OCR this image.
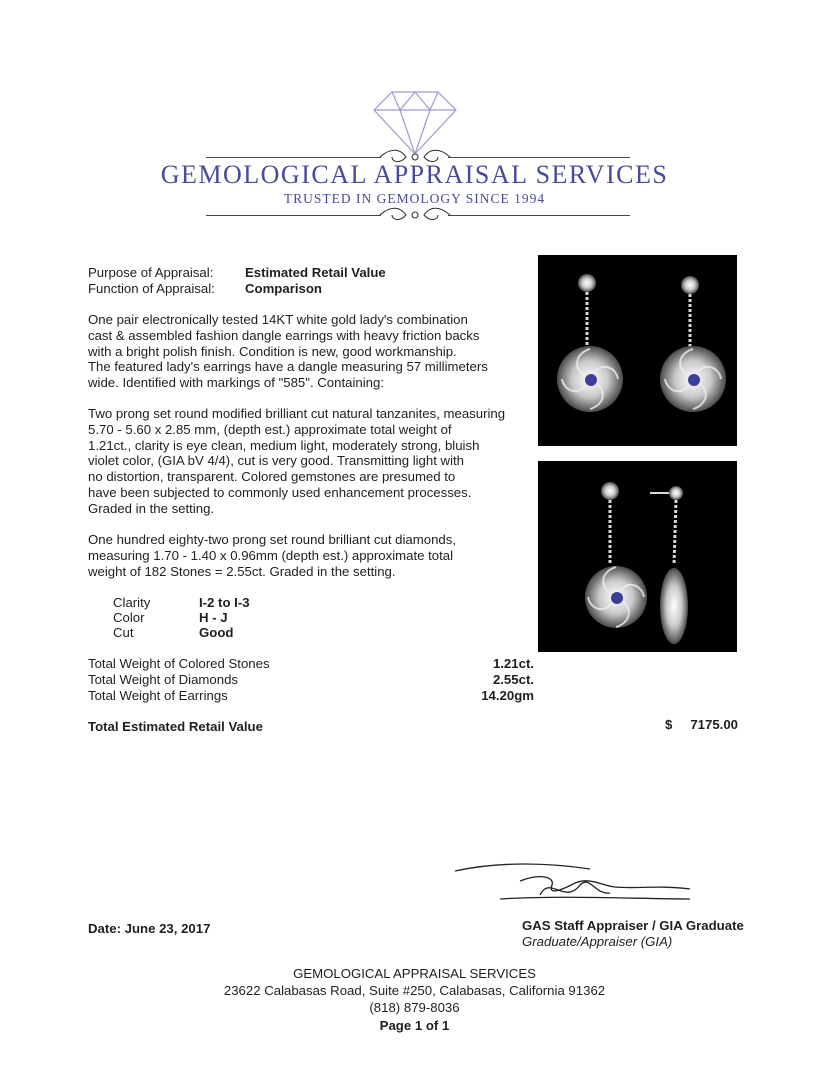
GEMOLOGICAL APPRAISAL SERVICES
TRUSTED IN GEMOLOGY SINCE 1994
Purpose of Appraisal: Estimated Retail Value
Function of Appraisal: Comparison
One pair electronically tested 14KT white gold lady's combination
cast & assembled fashion dangle earrings with heavy friction backs
with a bright polish finish. Condition is new, good workmanship.
The featured lady's earrings have a dangle measuring 57 millimeters
wide. Identified with markings of "585". Containing:
Two prong set round modified brilliant cut natural tanzanites, measuring
5.70 - 5.60 x 2.85 mm, (depth est.) approximate total weight of
1.21ct., clarity is eye clean, medium light, moderately strong, bluish
violet color, (GIA bV 4/4), cut is very good. Transmitting light with
no distortion, transparent. Colored gemstones are presumed to
have been subjected to commonly used enhancement processes.
Graded in the setting.
One hundred eighty-two prong set round brilliant cut diamonds,
measuring 1.70 - 1.40 x 0.96mm (depth est.) approximate total
weight of 182 Stones = 2.55ct. Graded in the setting.
Clarity	I-2 to I-3
Color	H - J
Cut	Good
Total Weight of Colored Stones	1.21ct.
Total Weight of Diamonds	2.55ct.
Total Weight of Earrings	14.20gm
Total Estimated Retail Value	$	7175.00
Date: June 23, 2017	GAS Staff Appraiser / GIA Graduate
Graduate/Appraiser (GIA)
GEMOLOGICAL APPRAISAL SERVICES
23622 Calabasas Road, Suite #250, Calabasas, California 91362
(818) 879-8036
Page 1 of 1
